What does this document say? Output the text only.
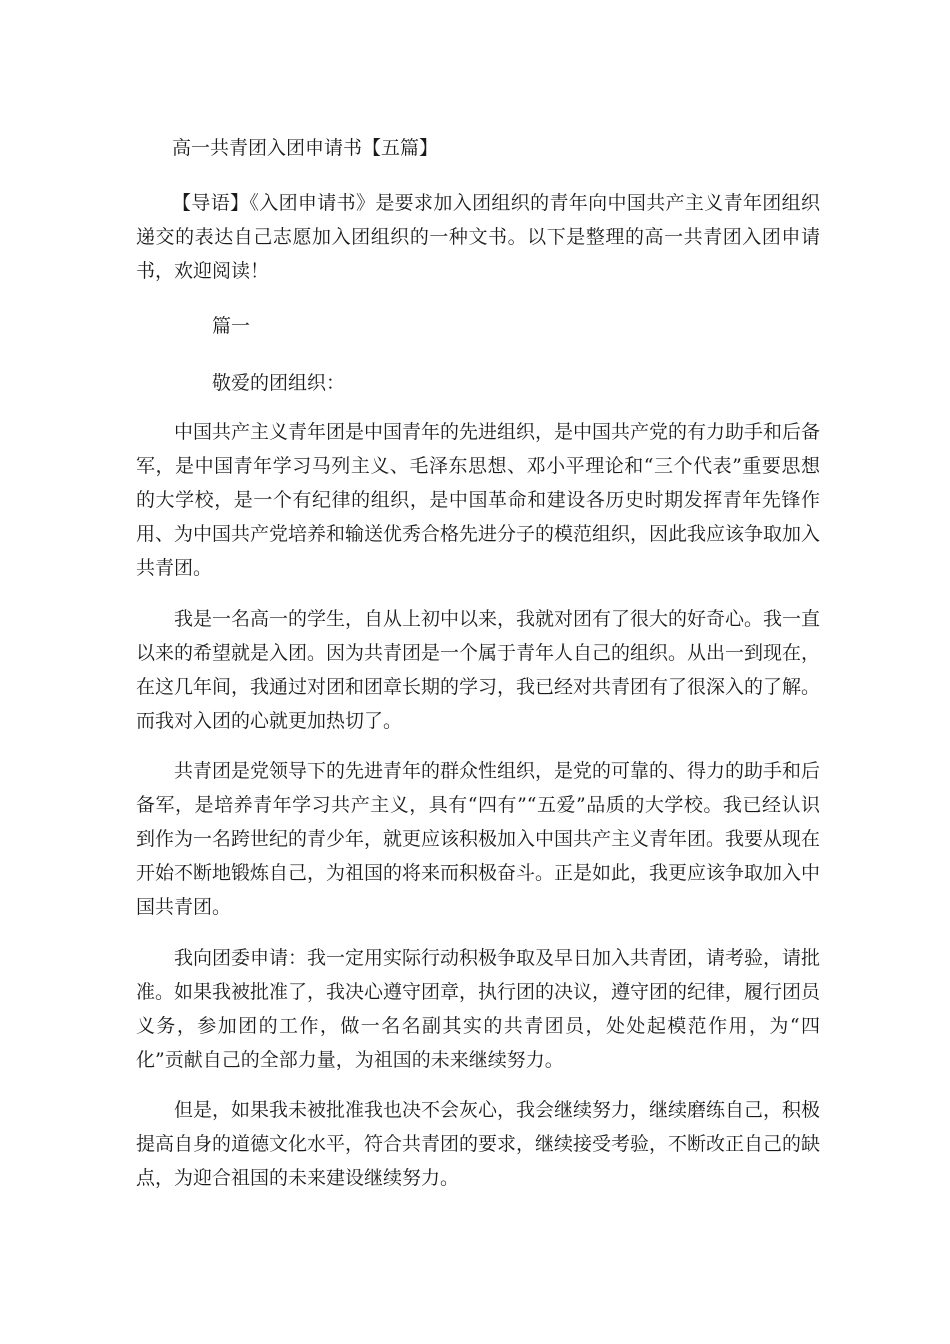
高一共青团入团申请书【五篇】

【导语】《入团申请书》是要求加入团组织的青年向中国共产主义青年团组织递交的表达自己志愿加入团组织的一种文书。以下是整理的高一共青团入团申请书，欢迎阅读！

篇一
敬爱的团组织：

中国共产主义青年团是中国青年的先进组织，是中国共产党的有力助手和后备军，是中国青年学习马列主义、毛泽东思想、邓小平理论和“三个代表”重要思想的大学校，是一个有纪律的组织，是中国革命和建设各历史时期发挥青年先锋作用、为中国共产党培养和输送优秀合格先进分子的模范组织，因此我应该争取加入共青团。

我是一名高一的学生，自从上初中以来，我就对团有了很大的好奇心。我一直以来的希望就是入团。因为共青团是一个属于青年人自己的组织。从出一到现在，在这几年间，我通过对团和团章长期的学习，我已经对共青团有了很深入的了解。而我对入团的心就更加热切了。

共青团是党领导下的先进青年的群众性组织，是党的可靠的、得力的助手和后备军，是培养青年学习共产主义，具有“四有”“五爱”品质的大学校。我已经认识到作为一名跨世纪的青少年，就更应该积极加入中国共产主义青年团。我要从现在开始不断地锻炼自己，为祖国的将来而积极奋斗。正是如此，我更应该争取加入中国共青团。

我向团委申请：我一定用实际行动积极争取及早日加入共青团，请考验，请批准。如果我被批准了，我决心遵守团章，执行团的决议，遵守团的纪律，履行团员义务，参加团的工作，做一名名副其实的共青团员，处处起模范作用，为“四化”贡献自己的全部力量，为祖国的未来继续努力。

但是，如果我未被批准我也决不会灰心，我会继续努力，继续磨练自己，积极提高自身的道德文化水平，符合共青团的要求，继续接受考验，不断改正自己的缺点，为迎合祖国的未来建设继续努力。
